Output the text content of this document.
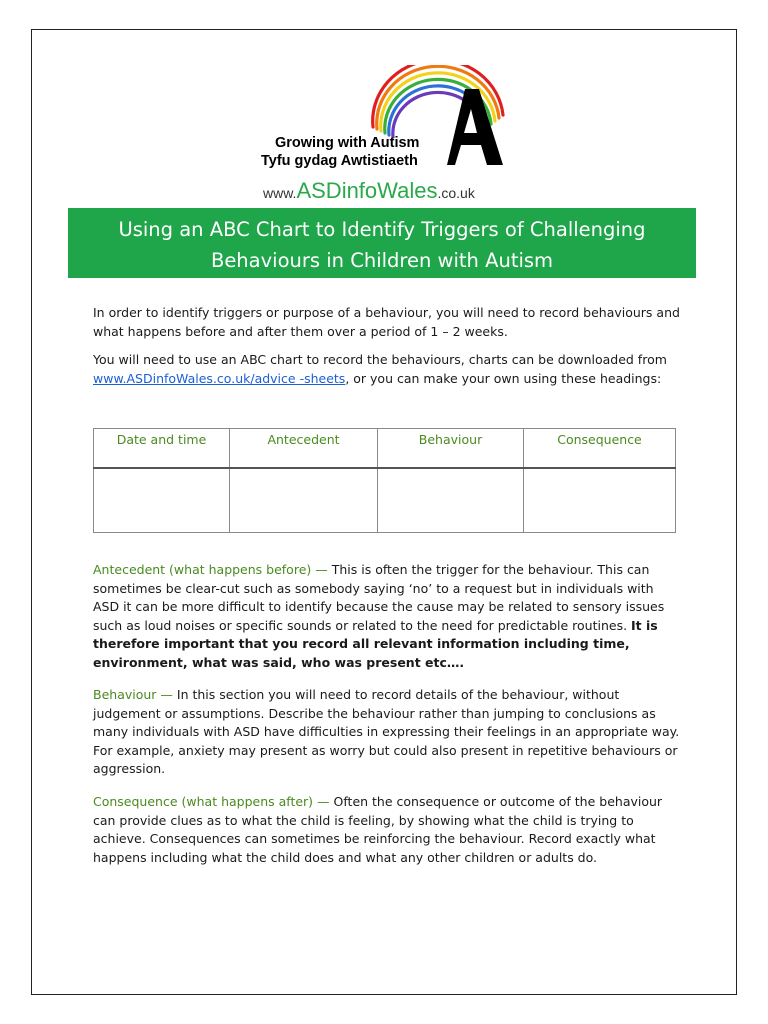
Growing with Autism
Tyfu gydag Awtistiaeth
www.ASDinfoWales.co.uk
Using an ABC Chart to Identify Triggers of Challenging
Behaviours in Children with Autism
In order to identify triggers or purpose of a behaviour, you will need to record behaviours and what happens before and after them over a period of 1 – 2 weeks.
You will need to use an ABC chart to record the behaviours, charts can be downloaded from www.ASDinfoWales.co.uk/advice -sheets, or you can make your own using these headings:
Date and time	Antecedent	Behaviour	Consequence

Antecedent (what happens before) — This is often the trigger for the behaviour. This can sometimes be clear-cut such as somebody saying ‘no’ to a request but in individuals with ASD it can be more difficult to identify because the cause may be related to sensory issues such as loud noises or specific sounds or related to the need for predictable routines. It is therefore important that you record all relevant information including time, environment, what was said, who was present etc….
Behaviour — In this section you will need to record details of the behaviour, without judgement or assumptions. Describe the behaviour rather than jumping to conclusions as many individuals with ASD have difficulties in expressing their feelings in an appropriate way. For example, anxiety may present as worry but could also present in repetitive behaviours or aggression.
Consequence (what happens after) — Often the consequence or outcome of the behaviour can provide clues as to what the child is feeling, by showing what the child is trying to achieve. Consequences can sometimes be reinforcing the behaviour. Record exactly what happens including what the child does and what any other children or adults do.
